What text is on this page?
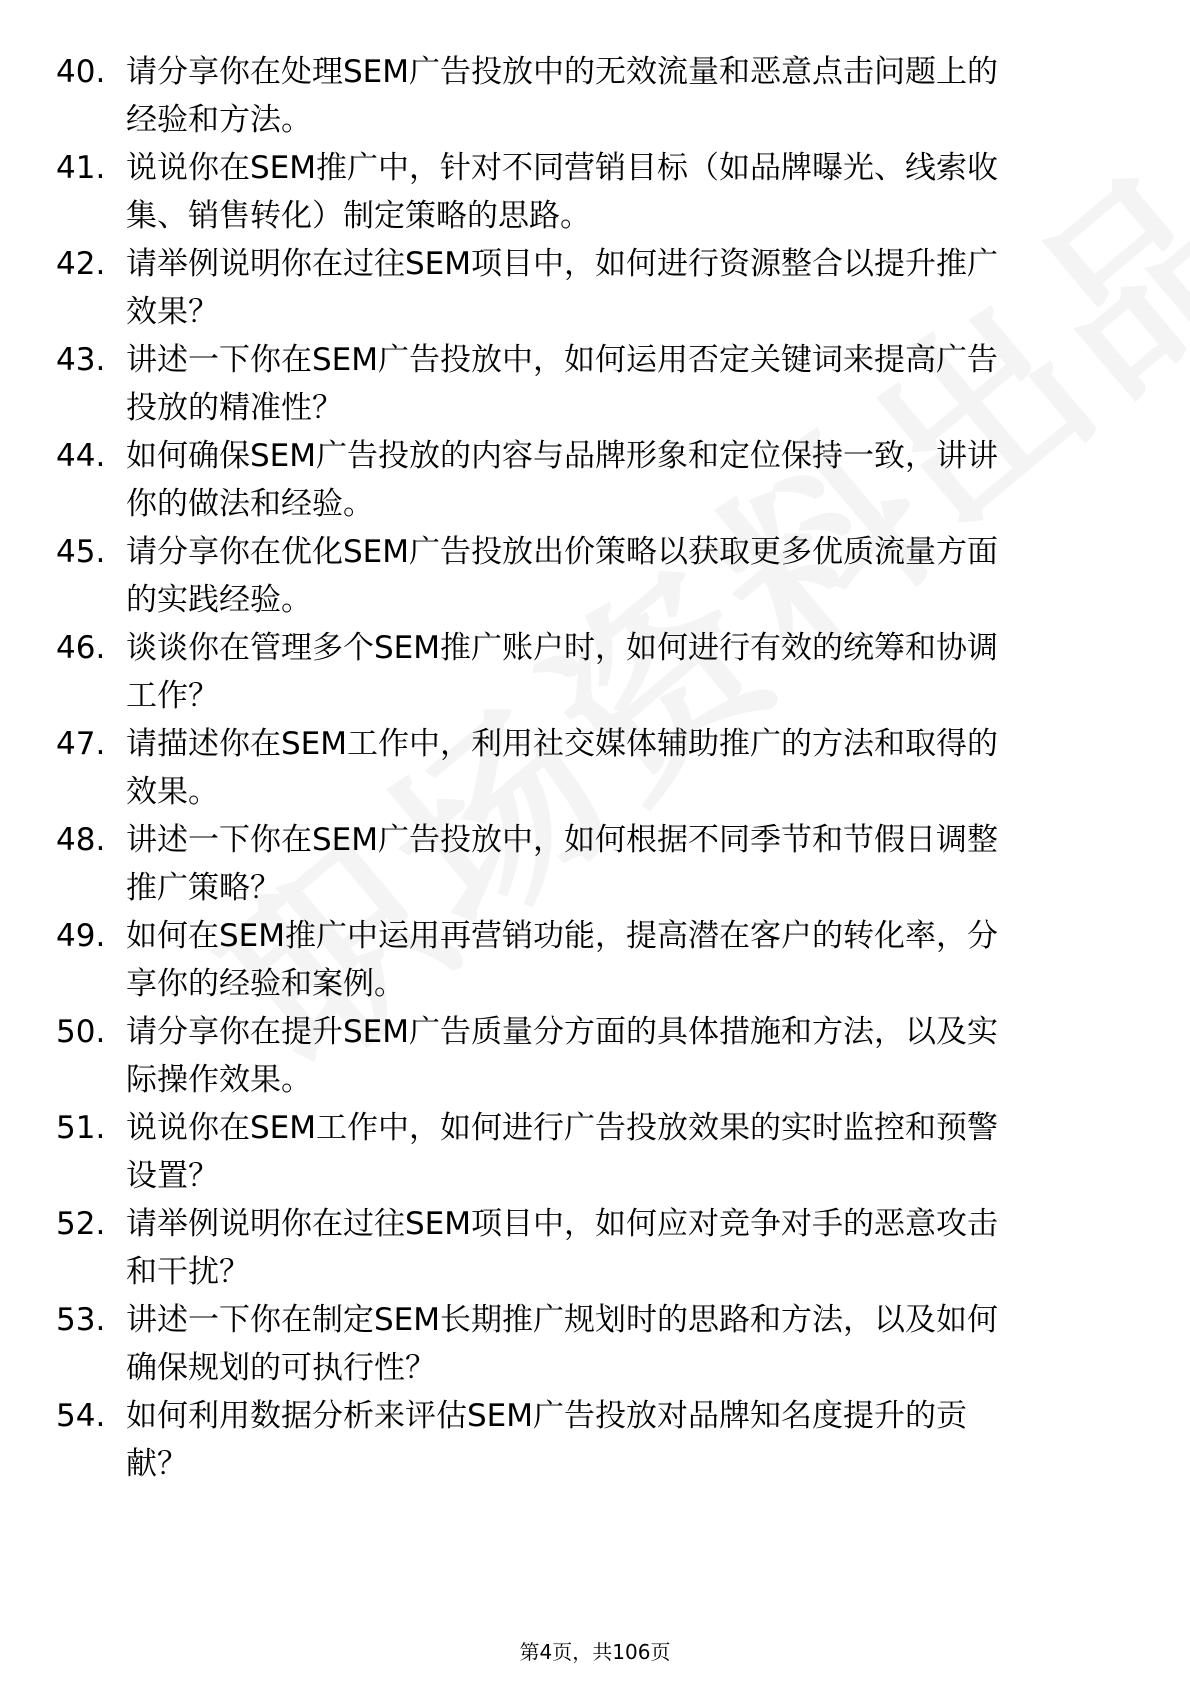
40. 请分享你在处理SEM广告投放中的无效流量和恶意点击问题上的
经验和方法。
41. 说说你在SEM推广中，针对不同营销目标（如品牌曝光、线索收
集、销售转化）制定策略的思路。
42. 请举例说明你在过往SEM项目中，如何进行资源整合以提升推广
效果？
43. 讲述一下你在SEM广告投放中，如何运用否定关键词来提高广告
投放的精准性？
44. 如何确保SEM广告投放的内容与品牌形象和定位保持一致，讲讲
你的做法和经验。
45. 请分享你在优化SEM广告投放出价策略以获取更多优质流量方面
的实践经验。
46. 谈谈你在管理多个SEM推广账户时，如何进行有效的统筹和协调
工作？
47. 请描述你在SEM工作中，利用社交媒体辅助推广的方法和取得的
效果。
48. 讲述一下你在SEM广告投放中，如何根据不同季节和节假日调整
推广策略？
49. 如何在SEM推广中运用再营销功能，提高潜在客户的转化率，分
享你的经验和案例。
50. 请分享你在提升SEM广告质量分方面的具体措施和方法，以及实
际操作效果。
51. 说说你在SEM工作中，如何进行广告投放效果的实时监控和预警
设置？
52. 请举例说明你在过往SEM项目中，如何应对竞争对手的恶意攻击
和干扰？
53. 讲述一下你在制定SEM长期推广规划时的思路和方法，以及如何
确保规划的可执行性？
54. 如何利用数据分析来评估SEM广告投放对品牌知名度提升的贡
献？
第4页，共106页
